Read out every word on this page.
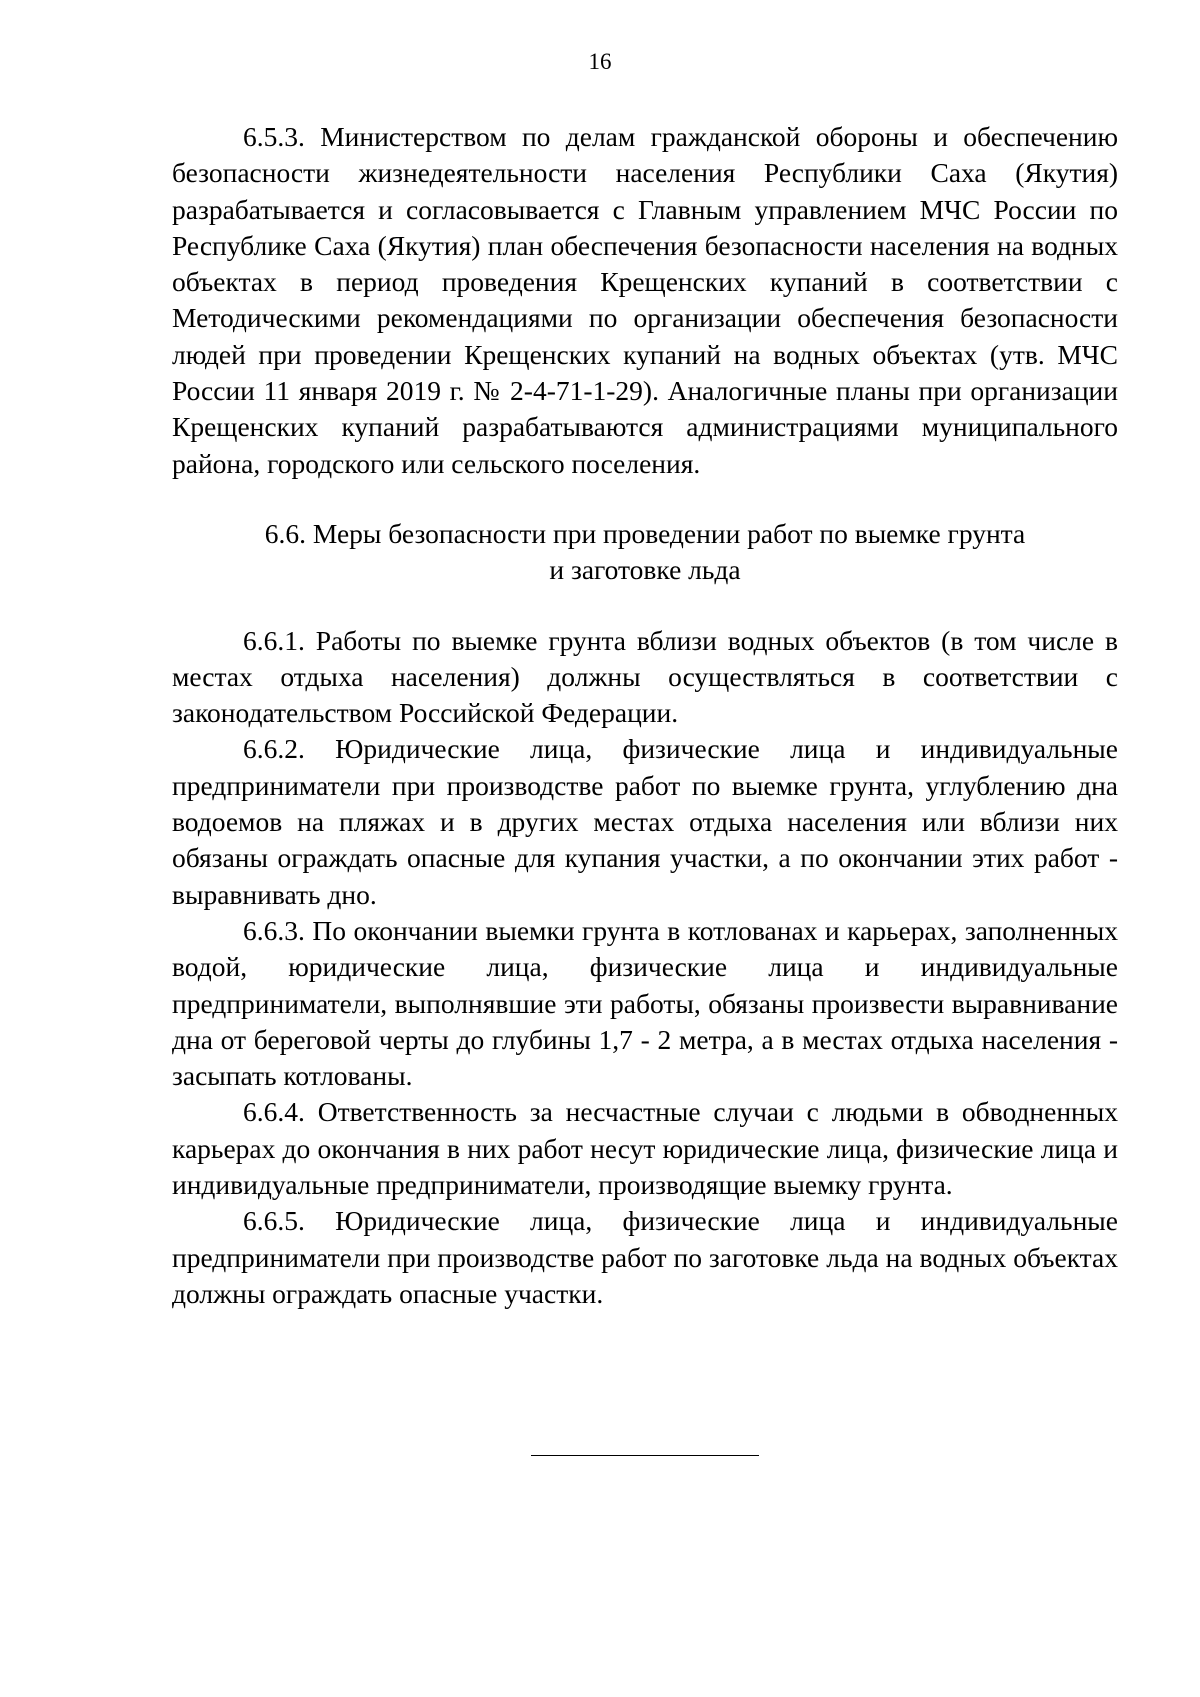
16

6.5.3. Министерством по делам гражданской обороны и обеспечению безопасности жизнедеятельности населения Республики Саха (Якутия) разрабатывается и согласовывается с Главным управлением МЧС России по Республике Саха (Якутия) план обеспечения безопасности населения на водных объектах в период проведения Крещенских купаний в соответствии с Методическими рекомендациями по организации обеспечения безопасности людей при проведении Крещенских купаний на водных объектах (утв. МЧС России 11 января 2019 г. № 2-4-71-1-29). Аналогичные планы при организации Крещенских купаний разрабатываются администрациями муниципального района, городского или сельского поселения.

6.6. Меры безопасности при проведении работ по выемке грунта
и заготовке льда

6.6.1. Работы по выемке грунта вблизи водных объектов (в том числе в местах отдыха населения) должны осуществляться в соответствии с законодательством Российской Федерации.

6.6.2. Юридические лица, физические лица и индивидуальные предприниматели при производстве работ по выемке грунта, углублению дна водоемов на пляжах и в других местах отдыха населения или вблизи них обязаны ограждать опасные для купания участки, а по окончании этих работ - выравнивать дно.

6.6.3. По окончании выемки грунта в котлованах и карьерах, заполненных водой, юридические лица, физические лица и индивидуальные предприниматели, выполнявшие эти работы, обязаны произвести выравнивание дна от береговой черты до глубины 1,7 - 2 метра, а в местах отдыха населения - засыпать котлованы.

6.6.4. Ответственность за несчастные случаи с людьми в обводненных карьерах до окончания в них работ несут юридические лица, физические лица и индивидуальные предприниматели, производящие выемку грунта.

6.6.5. Юридические лица, физические лица и индивидуальные предприниматели при производстве работ по заготовке льда на водных объектах должны ограждать опасные участки.
